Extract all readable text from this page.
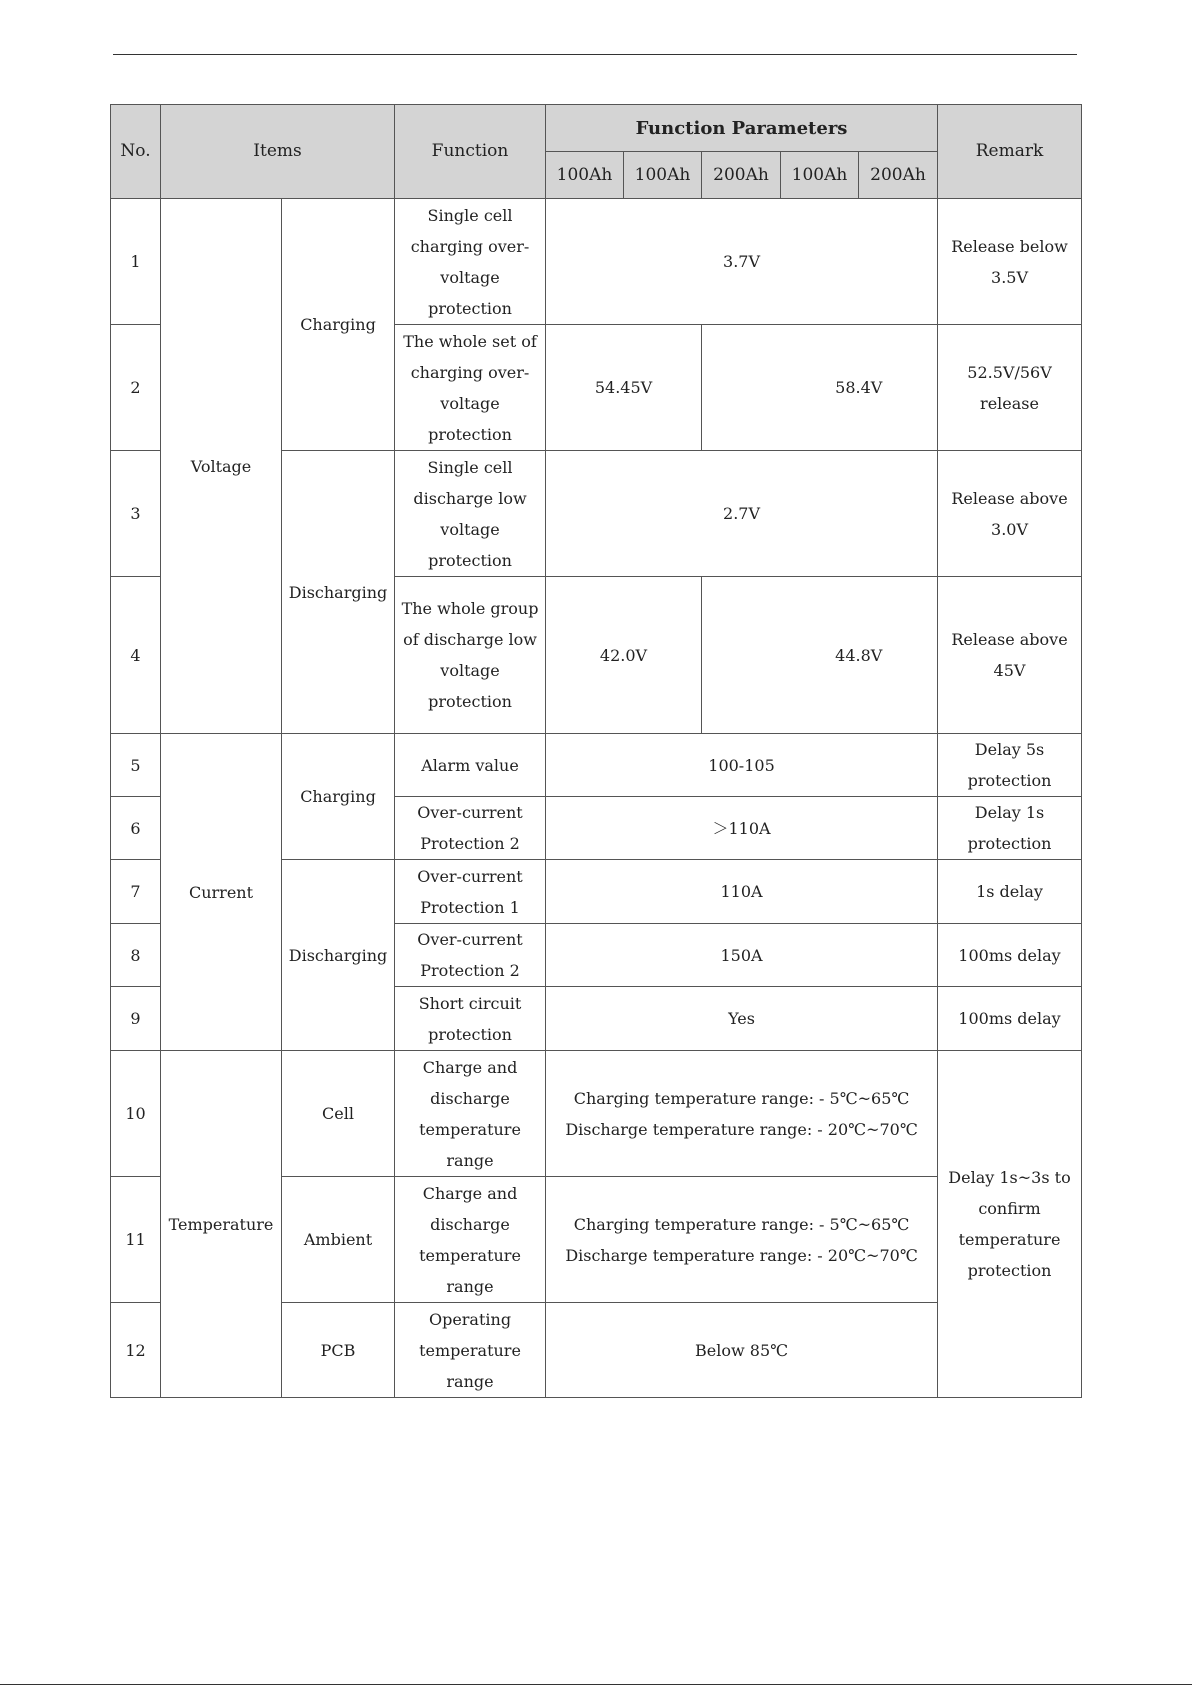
No.	Items		Function	Function Parameters					Remark
				100Ah	100Ah	200Ah	100Ah	200Ah	
1	Voltage	Charging	Single cell charging over-voltage protection	3.7V					Release below 3.5V
2			The whole set of charging over-voltage protection	54.45V			58.4V		52.5V/56V release
3		Discharging	Single cell discharge low voltage protection	2.7V					Release above 3.0V
4			The whole group of discharge low voltage protection	42.0V			44.8V		Release above 45V
5	Current	Charging	Alarm value	100-105					Delay 5s protection
6			Over-current Protection 2	＞110A					Delay 1s protection
7		Discharging	Over-current Protection 1	110A					1s delay
8			Over-current Protection 2	150A					100ms delay
9			Short circuit protection	Yes					100ms delay
10	Temperature	Cell	Charge and discharge temperature range	Charging temperature range: - 5℃~65℃
Discharge temperature range: - 20℃~70℃					Delay 1s~3s to confirm temperature protection
11		Ambient	Charge and discharge temperature range	Charging temperature range: - 5℃~65℃
Discharge temperature range: - 20℃~70℃					

12		PCB	Operating temperature range	Below 85℃					
